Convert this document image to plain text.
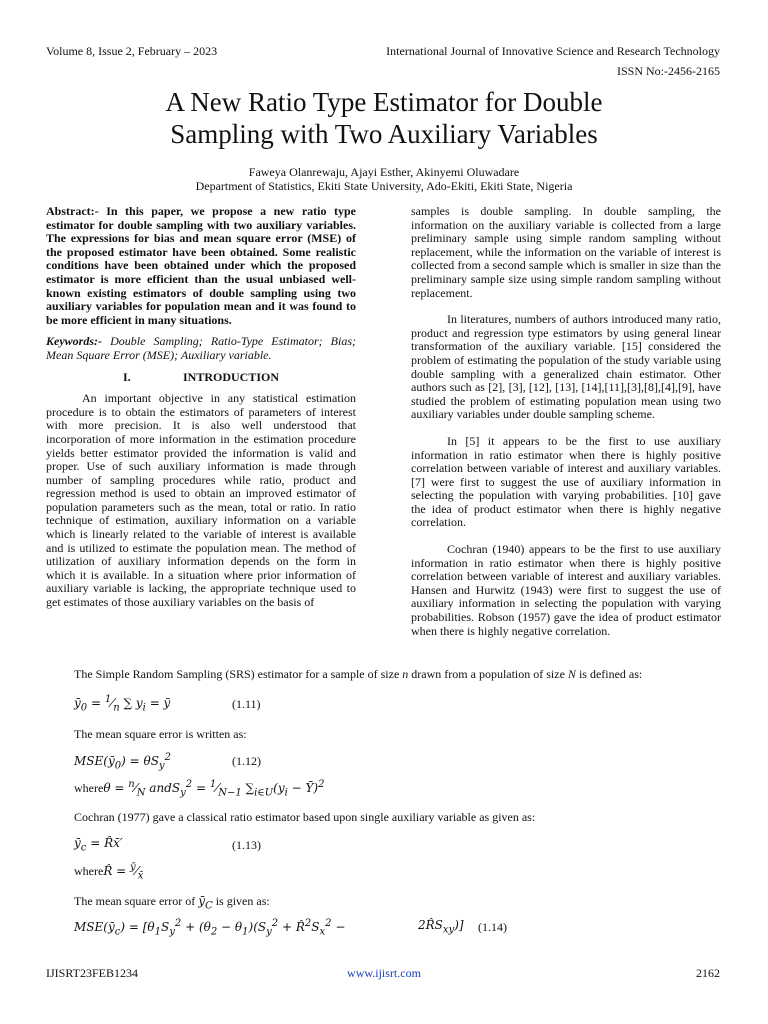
Volume 8, Issue 2, February – 2023	International Journal of Innovative Science and Research Technology
ISSN No:-2456-2165
A New Ratio Type Estimator for Double
Sampling with Two Auxiliary Variables
Faweya Olanrewaju, Ajayi Esther, Akinyemi Oluwadare
Department of Statistics, Ekiti State University, Ado-Ekiti, Ekiti State, Nigeria

Abstract:- In this paper, we propose a new ratio type estimator for double sampling with two auxiliary variables. The expressions for bias and mean square error (MSE) of the proposed estimator have been obtained. Some realistic conditions have been obtained under which the proposed estimator is more efficient than the usual unbiased well-known existing estimators of double sampling using two auxiliary variables for population mean and it was found to be more efficient in many situations.

Keywords:- Double Sampling; Ratio-Type Estimator; Bias; Mean Square Error (MSE); Auxiliary variable.

I.	INTRODUCTION

An important objective in any statistical estimation procedure is to obtain the estimators of parameters of interest with more precision. It is also well understood that incorporation of more information in the estimation procedure yields better estimator provided the information is valid and proper. Use of such auxiliary information is made through number of sampling procedures while ratio, product and regression method is used to obtain an improved estimator of population parameters such as the mean, total or ratio. In ratio technique of estimation, auxiliary information on a variable which is linearly related to the variable of interest is available and is utilized to estimate the population mean. The method of utilization of auxiliary information depends on the form in which it is available. In a situation where prior information of auxiliary variable is lacking, the appropriate technique used to get estimates of those auxiliary variables on the basis of

samples is double sampling. In double sampling, the information on the auxiliary variable is collected from a large preliminary sample using simple random sampling without replacement, while the information on the variable of interest is collected from a second sample which is smaller in size than the preliminary sample size using simple random sampling without replacement.

In literatures, numbers of authors introduced many ratio, product and regression type estimators by using general linear transformation of the auxiliary variable. [15] considered the problem of estimating the population of the study variable using double sampling with a generalized chain estimator. Other authors such as [2], [3], [12], [13], [14],[11],[3],[8],[4],[9], have studied the problem of estimating population mean using two auxiliary variables under double sampling scheme.

In [5] it appears to be the first to use auxiliary information in ratio estimator when there is highly positive correlation between variable of interest and auxiliary variables. [7] were first to suggest the use of auxiliary information in selecting the population with varying probabilities. [10] gave the idea of product estimator when there is highly negative correlation.

Cochran (1940) appears to be the first to use auxiliary information in ratio estimator when there is highly positive correlation between variable of interest and auxiliary variables. Hansen and Hurwitz (1943) were first to suggest the use of auxiliary information in selecting the population with varying probabilities. Robson (1957) gave the idea of product estimator when there is highly negative correlation.

The Simple Random Sampling (SRS) estimator for a sample of size n drawn from a population of size N is defined as:
$ȳ_0$ = $^1⁄_n$ ∑ $y_i$ = ȳ	(1.11)
The mean square error is written as:
$MSE(ȳ_0) = \theta S_y^2$	(1.12)
whereθ = $^n⁄_N$ andS$_y^2$ = $^1⁄_{N-1}$ $\sum_{i\in U}(y_i$ − Ȳ)$^2$
Cochran (1977) gave a classical ratio estimator based upon single auxiliary variable as given as:
$ȳ_c$ = R̂x̄′	(1.13)
whereR̂ = $^{ȳ}⁄_{x̄}$
The mean square error of $ȳ_C$ is given as:
$MSE(ȳ_c) = [\theta_1S_y^2 + (\theta_2 - \theta_1)(S_y^2$ + $R̂^2S_x^2$ −	$2R̂S_{xy}$)] (1.14)
IJISRT23FEB1234	www.ijisrt.com	2162
